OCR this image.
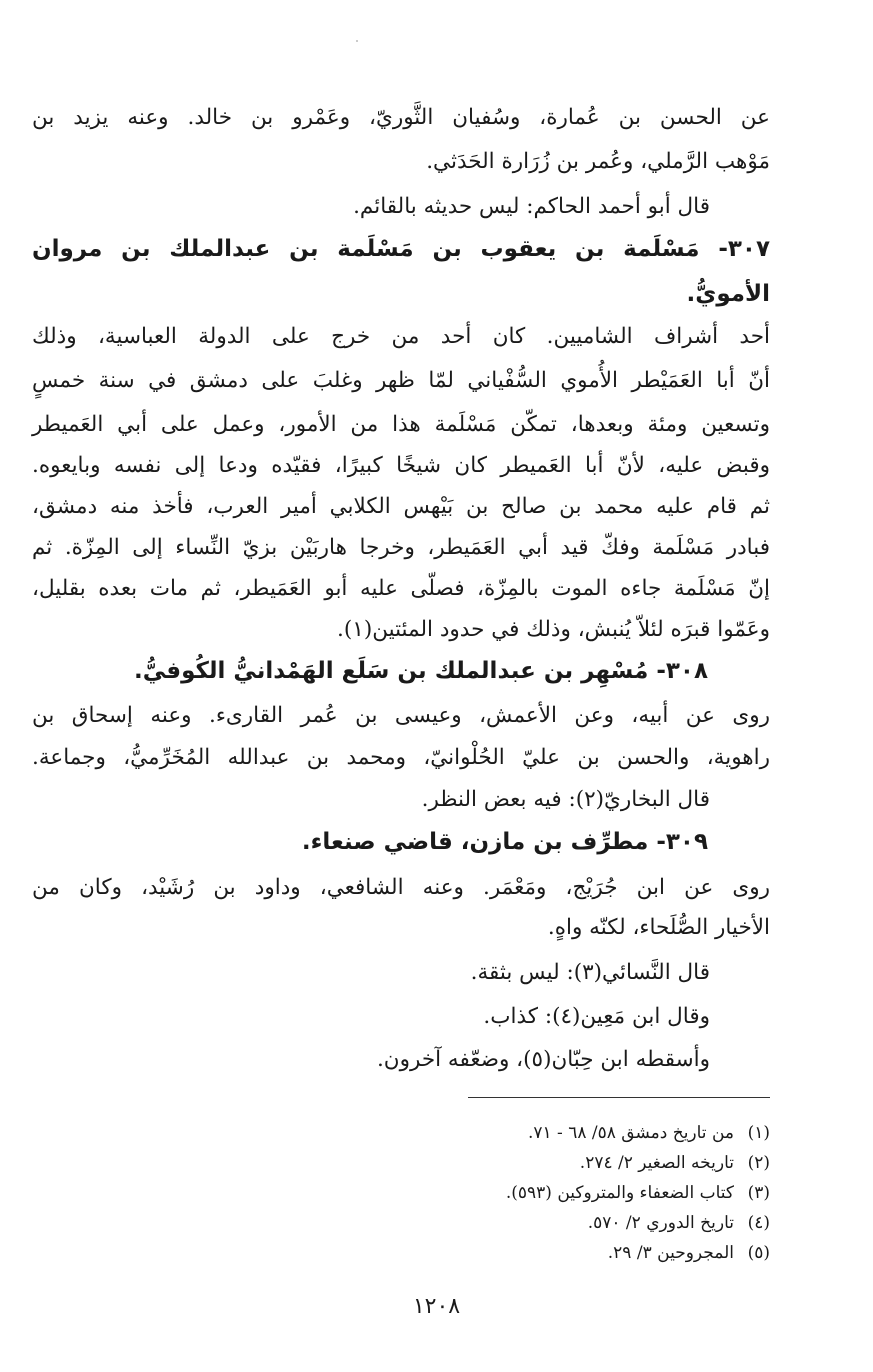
عن الحسن بن عُمارة، وسُفيان الثَّوريّ، وعَمْرو بن خالد. وعنه يزيد بن
مَوْهب الرَّملي، وعُمر بن زُرَارة الحَدَثي.
قال أبو أحمد الحاكم: ليس حديثه بالقائم.
٣٠٧- مَسْلَمة بن يعقوب بن مَسْلَمة بن عبدالملك بن مروان
الأمويُّ.
أحد أشراف الشاميين. كان أحد من خرج على الدولة العباسية، وذلك
أنّ أبا العَمَيْطر الأُموي السُّفْياني لمّا ظهر وغلبَ على دمشق في سنة خمسٍ
وتسعين ومئة وبعدها، تمكّن مَسْلَمة هذا من الأمور، وعمل على أبي العَميطر
وقبض عليه، لأنّ أبا العَميطر كان شيخًا كبيرًا، فقيّده ودعا إلى نفسه وبايعوه.
ثم قام عليه محمد بن صالح بن بَيْهس الكلابي أمير العرب، فأخذ منه دمشق،
فبادر مَسْلَمة وفكّ قيد أبي العَمَيطر، وخرجا هاربَيْن بزيّ النِّساء إلى المِزّة. ثم
إنّ مَسْلَمة جاءه الموت بالمِزّة، فصلّى عليه أبو العَمَيطر، ثم مات بعده بقليل،
وعَمّوا قبرَه لئلاّ يُنبش، وذلك في حدود المئتين(١).
٣٠٨- مُسْهِر بن عبدالملك بن سَلَع الهَمْدانيُّ الكُوفيُّ.
روى عن أبيه، وعن الأعمش، وعيسى بن عُمر القارىء. وعنه إسحاق بن
راهوية، والحسن بن عليّ الحُلْوانيّ، ومحمد بن عبدالله المُخَرِّميُّ، وجماعة.
قال البخاريّ(٢): فيه بعض النظر.
٣٠٩- مطرِّف بن مازن، قاضي صنعاء.
روى عن ابن جُرَيْج، ومَعْمَر. وعنه الشافعي، وداود بن رُشَيْد، وكان من
الأخيار الصُّلَحاء، لكنّه واهٍ.
قال النَّسائي(٣): ليس بثقة.
وقال ابن مَعِين(٤): كذاب.
وأسقطه ابن حِبّان(٥)، وضعّفه آخرون.
(١)من تاريخ دمشق ٥٨/ ٦٨ - ٧١.
(٢)تاريخه الصغير ٢/ ٢٧٤.
(٣)كتاب الضعفاء والمتروكين (٥٩٣).
(٤)تاريخ الدوري ٢/ ٥٧٠.
(٥)المجروحين ٣/ ٢٩.
١٢٠٨
